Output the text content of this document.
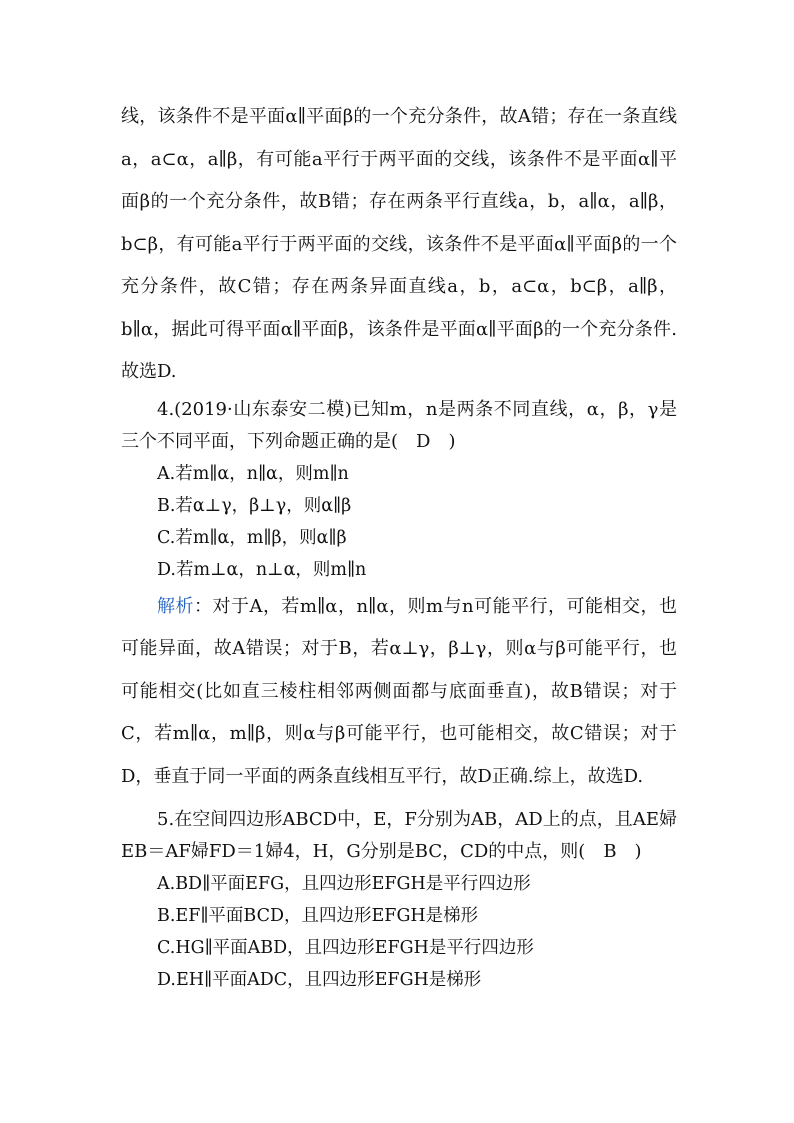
线，该条件不是平面α∥平面β的一个充分条件，故A错；存在一条直线a，a⊂α，a∥β，有可能a平行于两平面的交线，该条件不是平面α∥平面β的一个充分条件，故B错；存在两条平行直线a，b，a∥α，a∥β，b⊂β，有可能a平行于两平面的交线，该条件不是平面α∥平面β的一个充分条件，故C错；存在两条异面直线a，b，a⊂α，b⊂β，a∥β，b∥α，据此可得平面α∥平面β，该条件是平面α∥平面β的一个充分条件.故选D.

4.(2019·山东泰安二模)已知m，n是两条不同直线，α，β，γ是三个不同平面，下列命题正确的是(　D　)

A.若m∥α，n∥α，则m∥n

B.若α⊥γ，β⊥γ，则α∥β

C.若m∥α，m∥β，则α∥β

D.若m⊥α，n⊥α，则m∥n

解析：对于A，若m∥α，n∥α，则m与n可能平行，可能相交，也可能异面，故A错误；对于B，若α⊥γ，β⊥γ，则α与β可能平行，也可能相交(比如直三棱柱相邻两侧面都与底面垂直)，故B错误；对于C，若m∥α，m∥β，则α与β可能平行，也可能相交，故C错误；对于D，垂直于同一平面的两条直线相互平行，故D正确.综上，故选D.

5.在空间四边形ABCD中，E，F分别为AB，AD上的点，且AE婦EB＝AF婦FD＝1婦4，H，G分别是BC，CD的中点，则(　B　)

A.BD∥平面EFG，且四边形EFGH是平行四边形

B.EF∥平面BCD，且四边形EFGH是梯形

C.HG∥平面ABD，且四边形EFGH是平行四边形

D.EH∥平面ADC，且四边形EFGH是梯形
